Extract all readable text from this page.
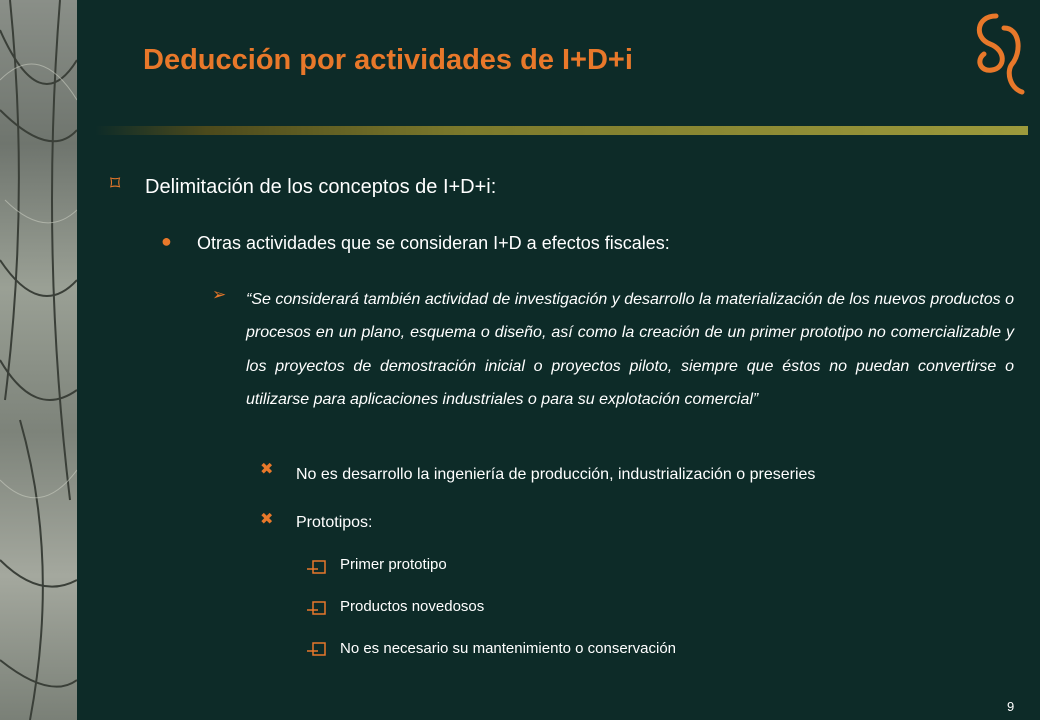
Deducción por actividades de I+D+i
⌑ Delimitación de los conceptos de I+D+i:
● Otras actividades que se consideran I+D a efectos fiscales:
➢ “Se considerará también actividad de investigación y desarrollo la materialización de los nuevos productos o procesos en un plano, esquema o diseño, así como la creación de un primer prototipo no comercializable y los proyectos de demostración inicial o proyectos piloto, siempre que éstos no puedan convertirse o utilizarse para aplicaciones industriales o para su explotación comercial”
✖ No es desarrollo la ingeniería de producción, industrialización o preseries
✖ Prototipos:
Primer prototipo
Productos novedosos
No es necesario su mantenimiento o conservación
9
